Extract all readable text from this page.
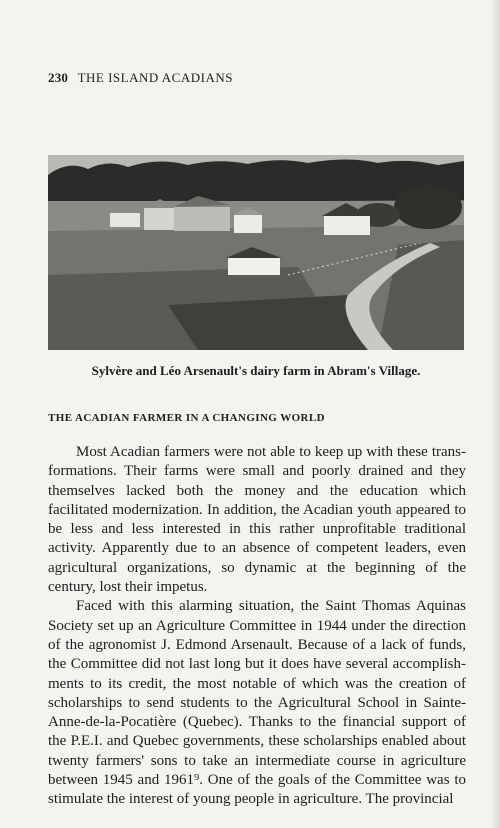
230 THE ISLAND ACADIANS
Sylvère and Léo Arsenault's dairy farm in Abram's Village.
THE ACADIAN FARMER IN A CHANGING WORLD

Most Acadian farmers were not able to keep up with these transformations. Their farms were small and poorly drained and they themselves lacked both the money and the education which facilitated modernization. In addition, the Acadian youth appeared to be less and less interested in this rather unprofitable traditional activity. Apparently due to an absence of competent leaders, even agricultural organizations, so dynamic at the beginning of the century, lost their impetus.

Faced with this alarming situation, the Saint Thomas Aquinas Society set up an Agriculture Committee in 1944 under the direction of the agronomist J. Edmond Arsenault. Because of a lack of funds, the Committee did not last long but it does have several accomplishments to its credit, the most notable of which was the creation of scholarships to send students to the Agricultural School in Sainte-Anne-de-la-Pocatière (Quebec). Thanks to the financial support of the P.E.I. and Quebec governments, these scholarships enabled about twenty farmers' sons to take an intermediate course in agriculture between 1945 and 1961⁹. One of the goals of the Committee was to stimulate the interest of young people in agriculture. The provincial
